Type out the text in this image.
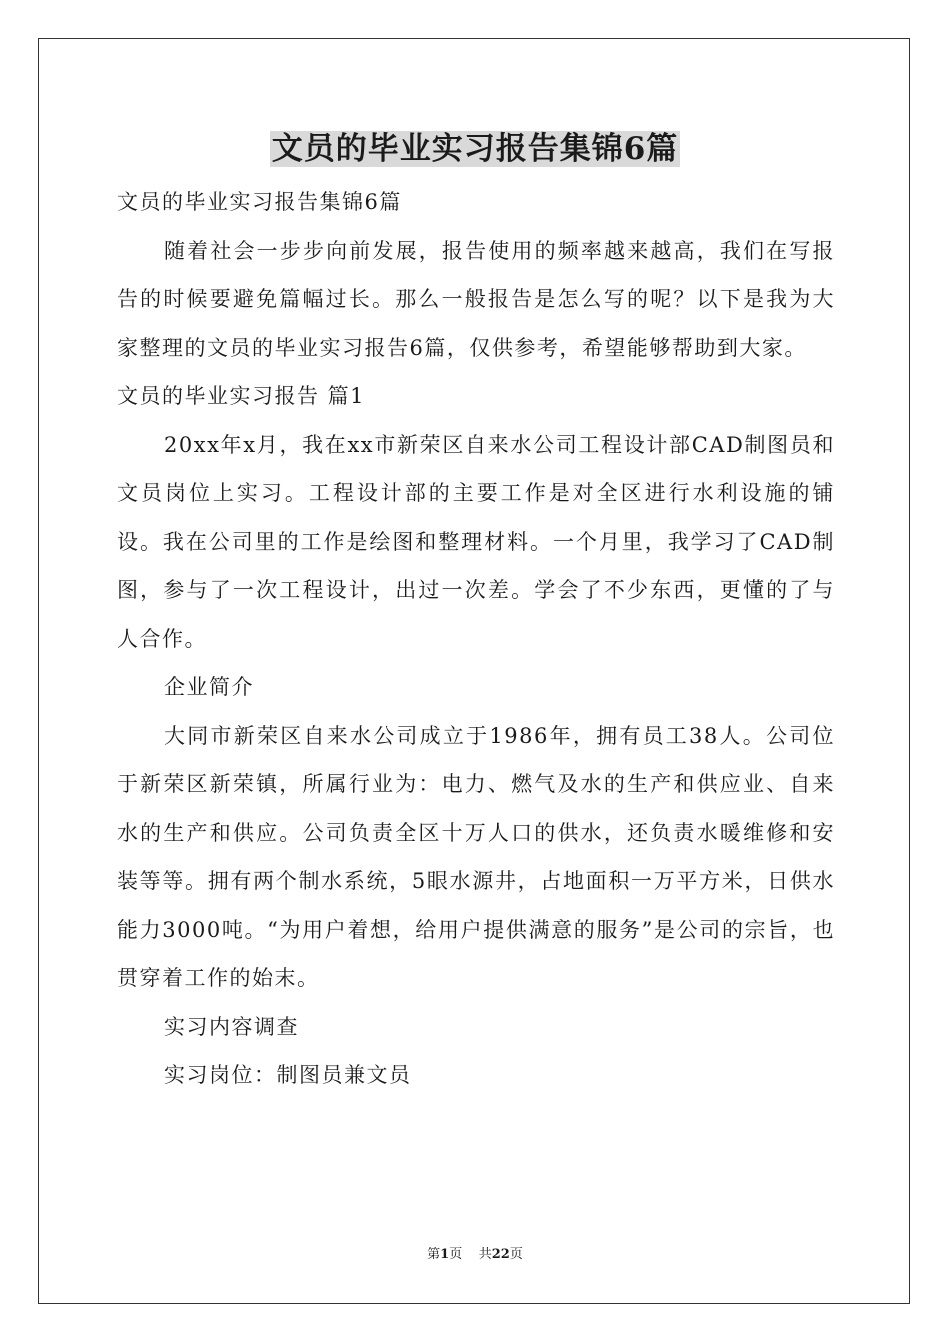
文员的毕业实习报告集锦6篇

文员的毕业实习报告集锦6篇

随着社会一步步向前发展，报告使用的频率越来越高，我们在写报告的时候要避免篇幅过长。那么一般报告是怎么写的呢？以下是我为大家整理的文员的毕业实习报告6篇，仅供参考，希望能够帮助到大家。

文员的毕业实习报告 篇1

20xx年x月，我在xx市新荣区自来水公司工程设计部CAD制图员和文员岗位上实习。工程设计部的主要工作是对全区进行水利设施的铺设。我在公司里的工作是绘图和整理材料。一个月里，我学习了CAD制图，参与了一次工程设计，出过一次差。学会了不少东西，更懂的了与人合作。

企业简介

大同市新荣区自来水公司成立于1986年，拥有员工38人。公司位于新荣区新荣镇，所属行业为：电力、燃气及水的生产和供应业、自来水的生产和供应。公司负责全区十万人口的供水，还负责水暖维修和安装等等。拥有两个制水系统，5眼水源井，占地面积一万平方米，日供水能力3000吨。“为用户着想，给用户提供满意的服务”是公司的宗旨，也贯穿着工作的始末。

实习内容调查

实习岗位：制图员兼文员

第1页 共22页
